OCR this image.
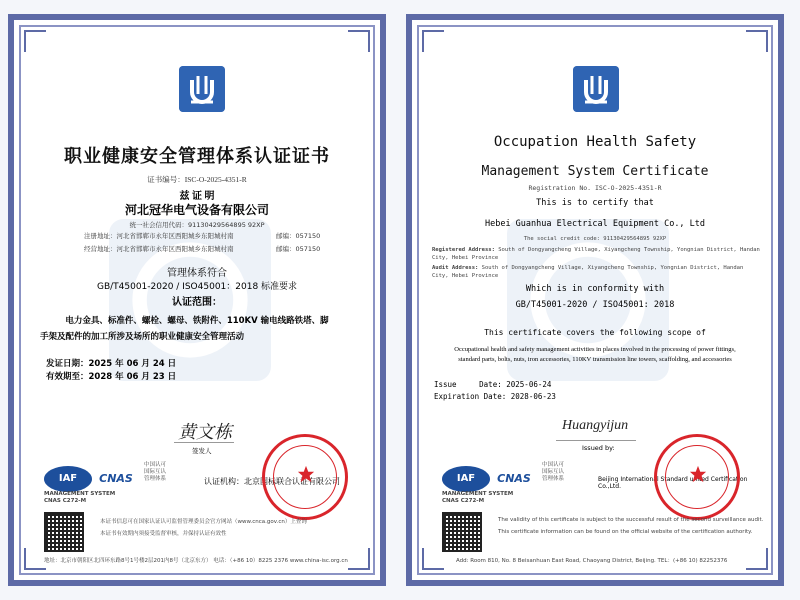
职业健康安全管理体系认证证书
证书编号：ISC-O-2025-4351-R
兹 证 明
河北冠华电气设备有限公司
统一社会信用代码：91130429564895 92XP
注册地址：河北省邯郸市永年区西阳城乡东阳城村南	邮编：057150
经营地址：河北省邯郸市永年区西阳城乡东阳城村南	邮编：057150
管理体系符合
GB/T45001-2020 / ISO45001：2018 标准要求
认证范围：
电力金具、标准件、螺栓、螺母、铁附件、110KV 输电线路铁塔、脚
手架及配件的加工所涉及场所的职业健康安全管理活动
发证日期：2025 年 06 月 24 日
有效期至：2028 年 06 月 23 日
黄文栋
签发人
IAF	CNAS
中国认可
国际互认
管理体系
MANAGEMENT SYSTEM
CNAS C272-M
认证机构：北京国标联合认证有限公司
本证书信息可在国家认证认可监督管理委员会官方网站（www.cnca.gov.cn）上查询
本证书有效期内须接受监督审核，并保持认证有效性
地址：北京市朝阳区北四环东路8号1号楼2层201内8号（北京东方） 电话：（+86 10）8225 2376 www.china-isc.org.cn
Occupation Health Safety
Management System Certificate
Registration No. ISC-O-2025-4351-R
This is to certify that
Hebei Guanhua Electrical Equipment Co., Ltd
The social credit code: 91130429564895 92XP
Registered Address: South of Dongyangcheng Village, Xiyangcheng Township, Yongnian District, Handan City, Hebei Province
Audit Address: South of Dongyangcheng Village, Xiyangcheng Township, Yongnian District, Handan City, Hebei Province
Which is in conformity with
GB/T45001-2020 / ISO45001: 2018
This certificate covers the following scope of
Occupational health and safety management activities in places involved in the processing of power fittings,
standard parts, bolts, nuts, iron accessories, 110KV transmission line towers, scaffolding, and accessories
Issue	Date: 2025-06-24
Expiration Date: 2028-06-23
Huangyijun
Issued by:
IAF	CNAS
中国认可
国际互认
管理体系
MANAGEMENT SYSTEM
CNAS C272-M
Beijing International Standard united Certification Co.,Ltd.
The validity of this certificate is subject to the successful result of the second surveillance audit.
This certificate information can be found on the official website of the certification authority.
Add: Room 810, No. 8 Beisanhuan East Road, Chaoyang District, Beijing. TEL：(+86 10) 82252376
